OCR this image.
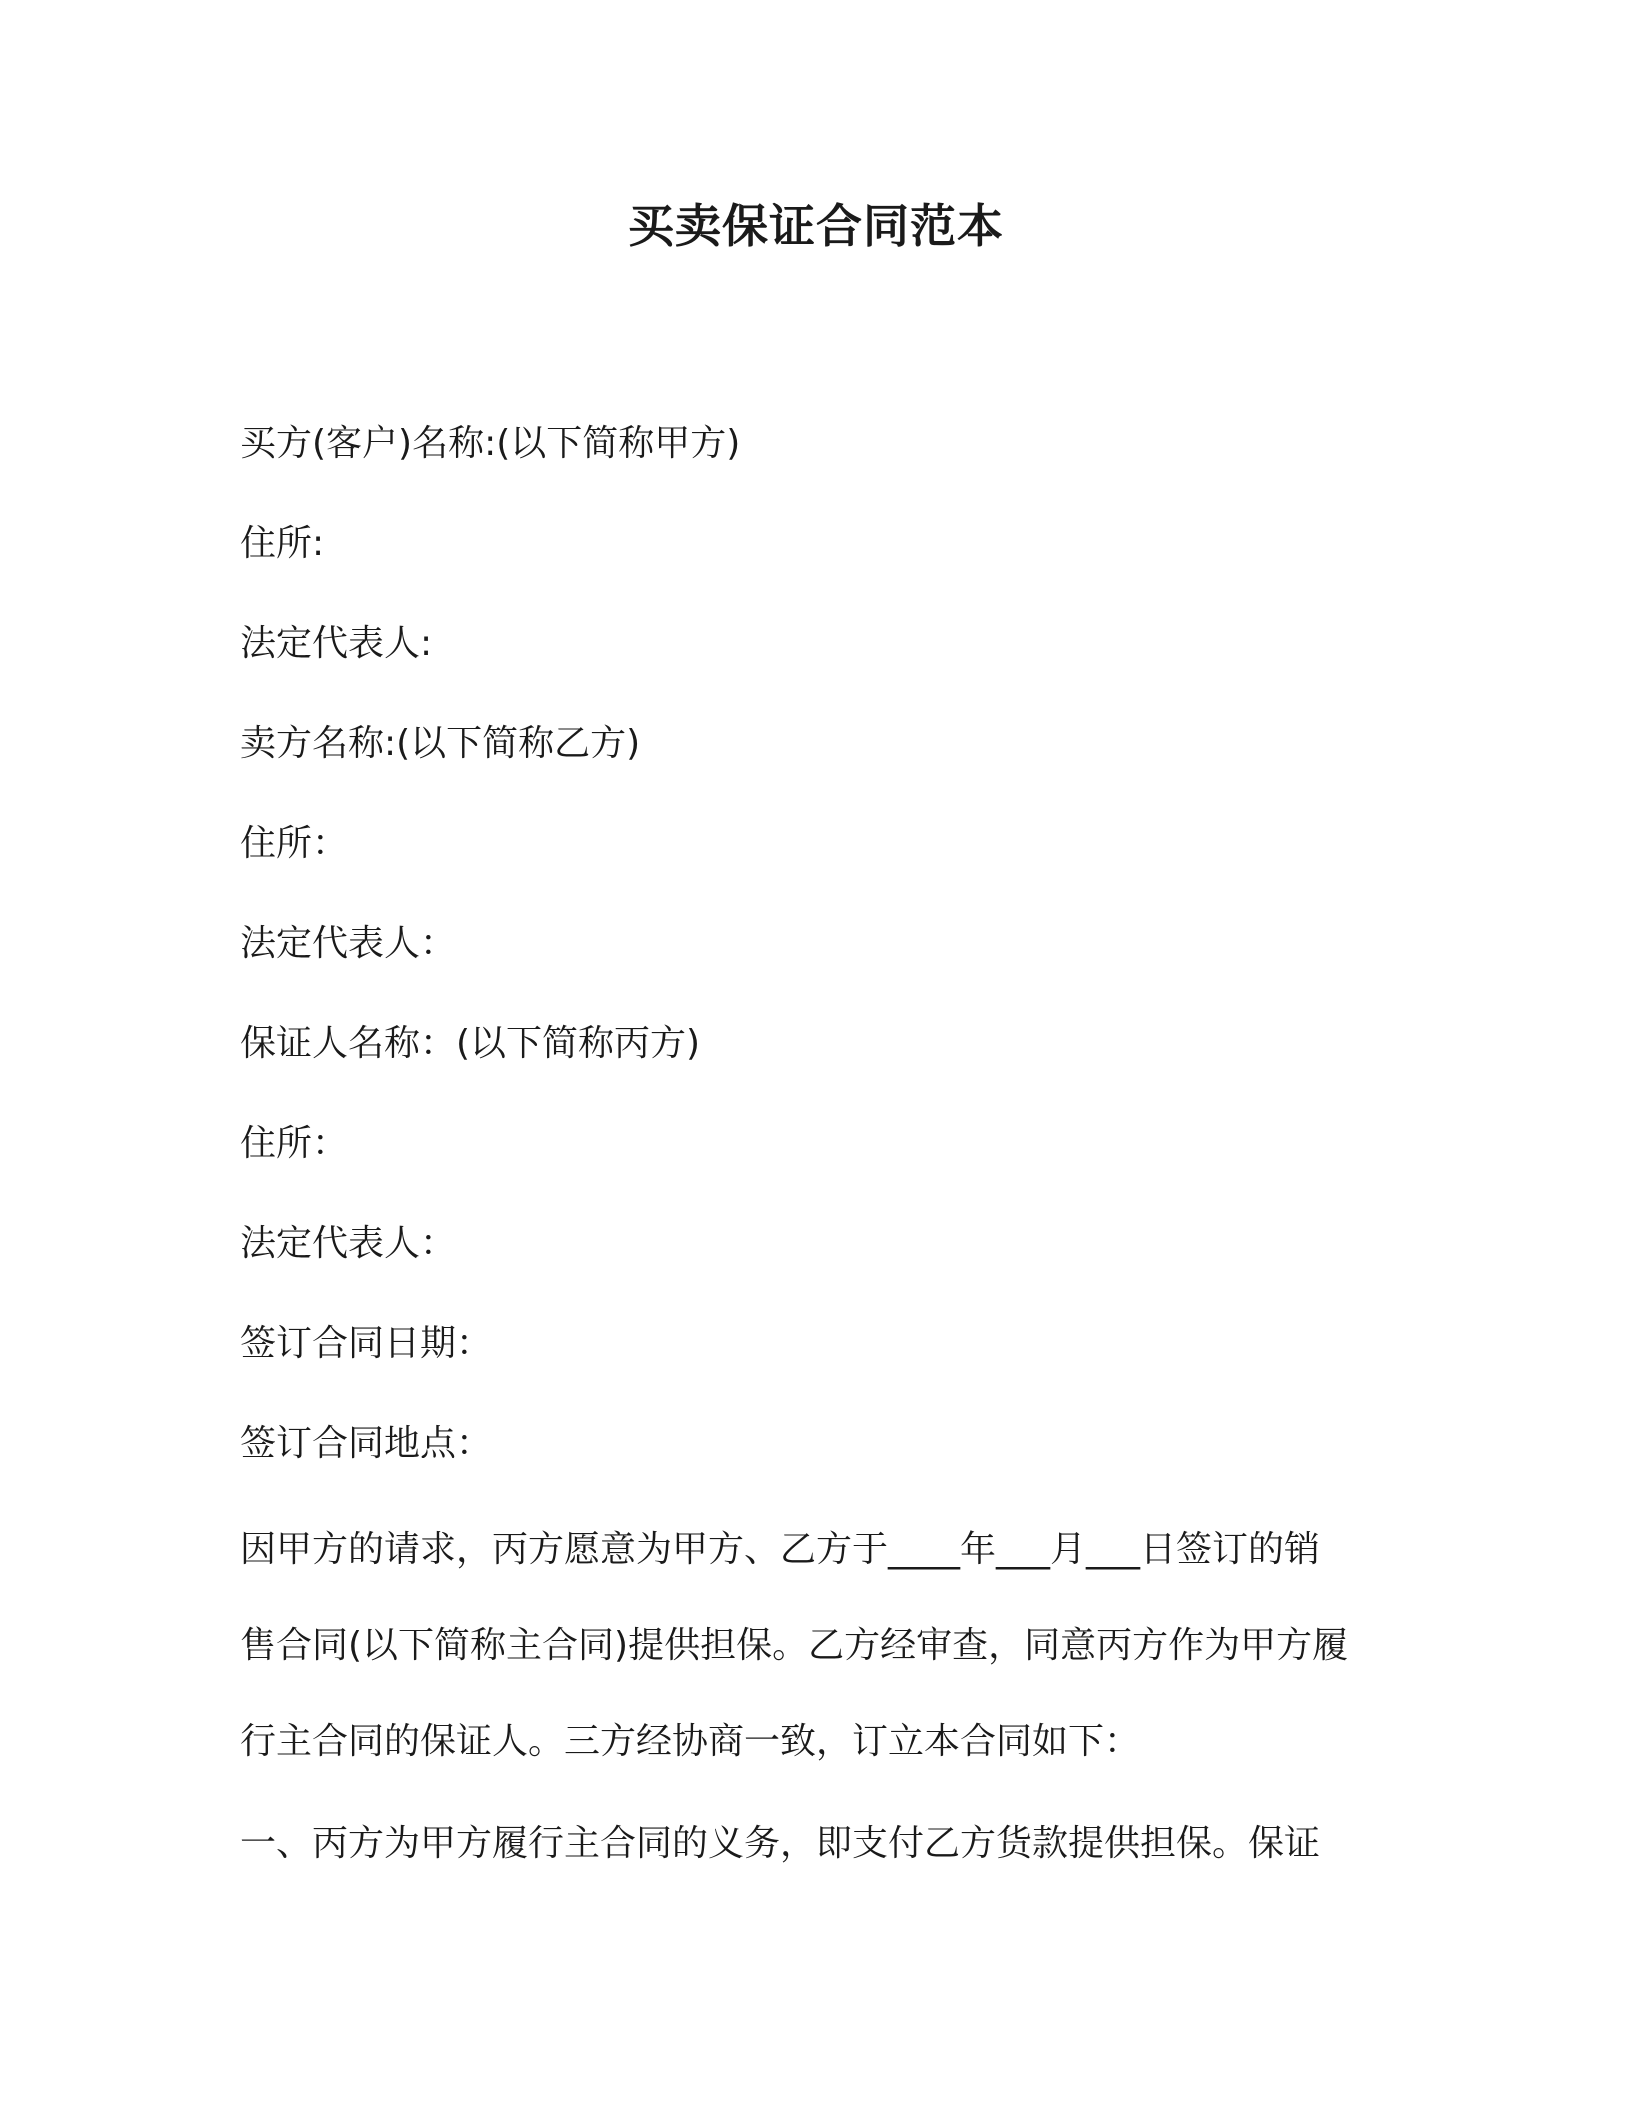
买卖保证合同范本
买方(客户)名称:(以下简称甲方)
住所:
法定代表人:
卖方名称:(以下简称乙方)
住所：
法定代表人：
保证人名称：(以下简称丙方)
住所：
法定代表人：
签订合同日期：
签订合同地点：
因甲方的请求，丙方愿意为甲方、乙方于____年___月___日签订的销
售合同(以下简称主合同)提供担保。乙方经审查，同意丙方作为甲方履
行主合同的保证人。三方经协商一致，订立本合同如下：
一、丙方为甲方履行主合同的义务，即支付乙方货款提供担保。保证
